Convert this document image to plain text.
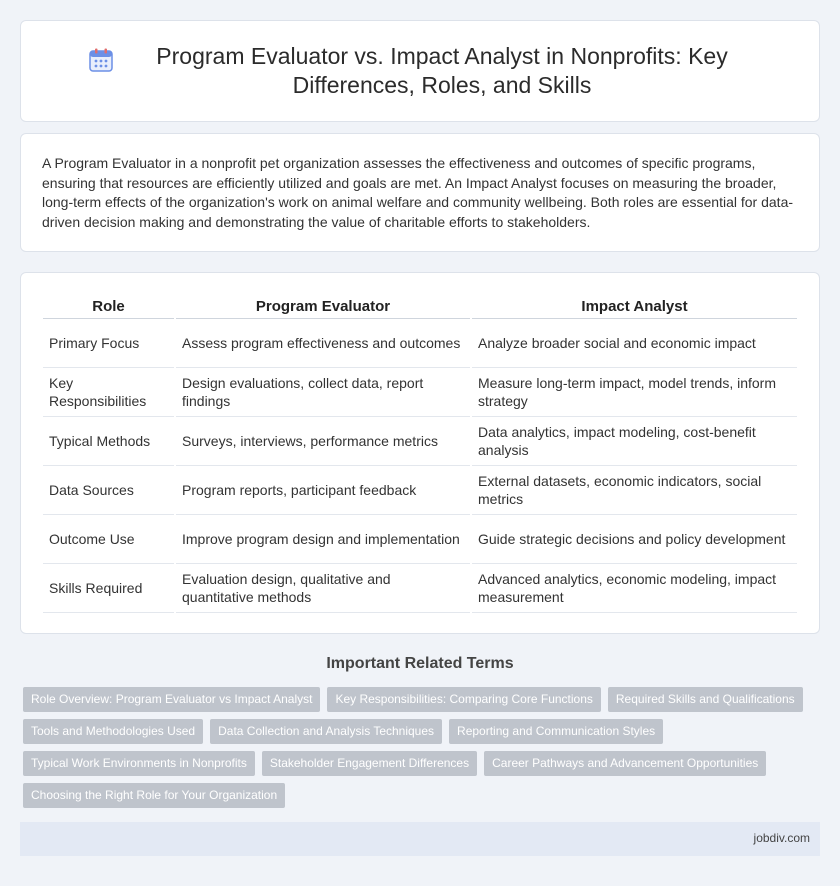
Program Evaluator vs. Impact Analyst in Nonprofits: Key Differences, Roles, and Skills

A Program Evaluator in a nonprofit pet organization assesses the effectiveness and outcomes of specific programs, ensuring that resources are efficiently utilized and goals are met. An Impact Analyst focuses on measuring the broader, long-term effects of the organization's work on animal welfare and community wellbeing. Both roles are essential for data-driven decision making and demonstrating the value of charitable efforts to stakeholders.

Role	Program Evaluator	Impact Analyst
Primary Focus	Assess program effectiveness and outcomes	Analyze broader social and economic impact
Key Responsibilities	Design evaluations, collect data, report findings	Measure long-term impact, model trends, inform strategy
Typical Methods	Surveys, interviews, performance metrics	Data analytics, impact modeling, cost-benefit analysis
Data Sources	Program reports, participant feedback	External datasets, economic indicators, social metrics
Outcome Use	Improve program design and implementation	Guide strategic decisions and policy development
Skills Required	Evaluation design, qualitative and quantitative methods	Advanced analytics, economic modeling, impact measurement
Important Related Terms
Role Overview: Program Evaluator vs Impact Analyst	Key Responsibilities: Comparing Core Functions	Required Skills and Qualifications
Tools and Methodologies Used	Data Collection and Analysis Techniques	Reporting and Communication Styles
Typical Work Environments in Nonprofits	Stakeholder Engagement Differences	Career Pathways and Advancement Opportunities
Choosing the Right Role for Your Organization
jobdiv.com
